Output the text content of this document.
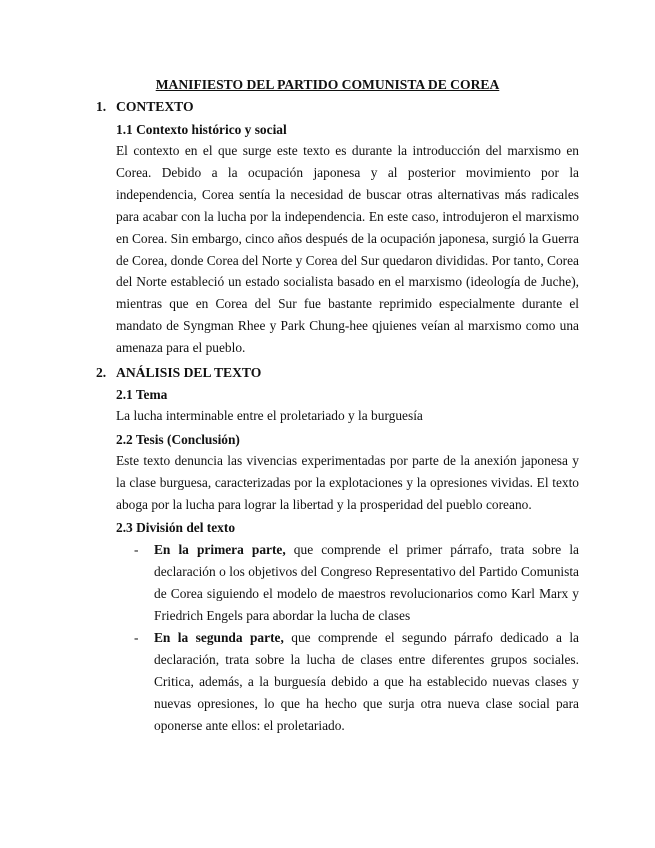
MANIFIESTO DEL PARTIDO COMUNISTA DE COREA
1. CONTEXTO
1.1 Contexto histórico y social
El contexto en el que surge este texto es durante la introducción del marxismo en Corea. Debido a la ocupación japonesa y al posterior movimiento por la independencia, Corea sentía la necesidad de buscar otras alternativas más radicales para acabar con la lucha por la independencia. En este caso, introdujeron el marxismo en Corea. Sin embargo, cinco años después de la ocupación japonesa, surgió la Guerra de Corea, donde Corea del Norte y Corea del Sur quedaron divididas. Por tanto, Corea del Norte estableció un estado socialista basado en el marxismo (ideología de Juche), mientras que en Corea del Sur fue bastante reprimido especialmente durante el mandato de Syngman Rhee y Park Chung-hee qjuienes veían al marxismo como una amenaza para el pueblo.
2. ANÁLISIS DEL TEXTO
2.1 Tema
La lucha interminable entre el proletariado y la burguesía
2.2 Tesis (Conclusión)
Este texto denuncia las vivencias experimentadas por parte de la anexión japonesa y la clase burguesa, caracterizadas por la explotaciones y la opresiones vividas. El texto aboga por la lucha para lograr la libertad y la prosperidad del pueblo coreano.
2.3 División del texto
- En la primera parte, que comprende el primer párrafo, trata sobre la declaración o los objetivos del Congreso Representativo del Partido Comunista de Corea siguiendo el modelo de maestros revolucionarios como Karl Marx y Friedrich Engels para abordar la lucha de clases
- En la segunda parte, que comprende el segundo párrafo dedicado a la declaración, trata sobre la lucha de clases entre diferentes grupos sociales. Critica, además, a la burguesía debido a que ha establecido nuevas clases y nuevas opresiones, lo que ha hecho que surja otra nueva clase social para oponerse ante ellos: el proletariado.
